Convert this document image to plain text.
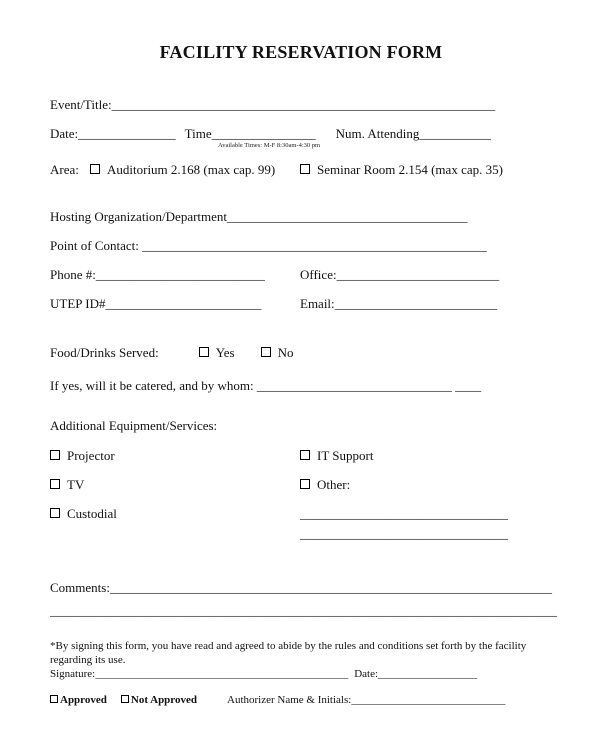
FACILITY RESERVATION FORM
Event/Title:___________________________________________________________
Date:_______________ Time________________ Num. Attending___________
Available Times: M-F 8:30am-4:30 pm
Area: Auditorium 2.168 (max cap. 99)	Seminar Room 2.154 (max cap. 35)
Hosting Organization/Department_____________________________________
Point of Contact: _____________________________________________________
Phone #:__________________________	Office:_________________________
UTEP ID#________________________	Email:_________________________
Food/Drinks Served:	Yes	No
If yes, will it be catered, and by whom: ______________________________ ____
Additional Equipment/Services:
Projector
TV
Custodial
IT Support
Other:
________________________________
________________________________
Comments:____________________________________________________________________
______________________________________________________________________________
*By signing this form, you have read and agreed to abide by the rules and conditions set forth by the facility regarding its use.
Signature:______________________________________________ Date:__________________
Approved Not Approved	Authorizer Name & Initials:____________________________
